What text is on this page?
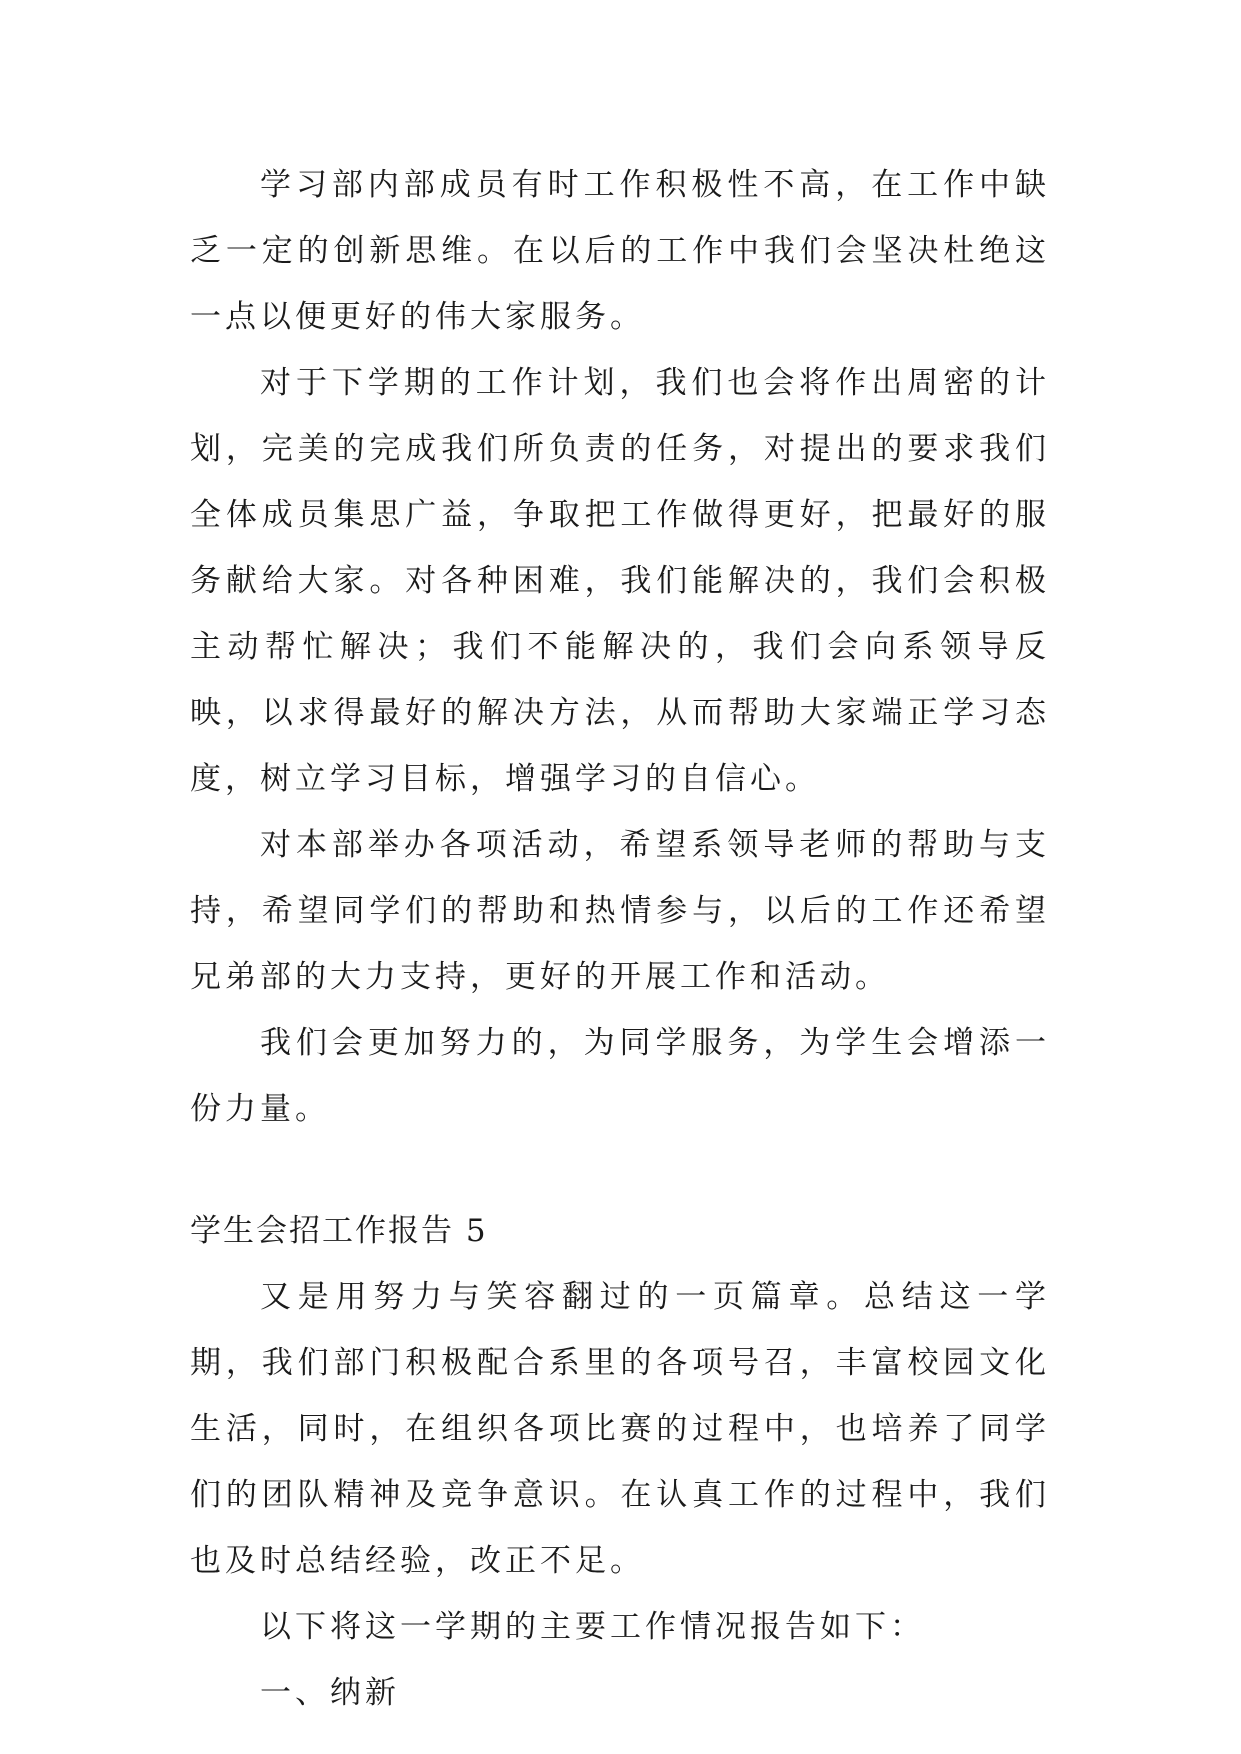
学习部内部成员有时工作积极性不高，在工作中缺乏一定的创新思维。在以后的工作中我们会坚决杜绝这一点以便更好的伟大家服务。

对于下学期的工作计划，我们也会将作出周密的计划，完美的完成我们所负责的任务，对提出的要求我们全体成员集思广益，争取把工作做得更好，把最好的服务献给大家。对各种困难，我们能解决的，我们会积极主动帮忙解决；我们不能解决的，我们会向系领导反映，以求得最好的解决方法，从而帮助大家端正学习态度，树立学习目标，增强学习的自信心。

对本部举办各项活动，希望系领导老师的帮助与支持，希望同学们的帮助和热情参与，以后的工作还希望兄弟部的大力支持，更好的开展工作和活动。

我们会更加努力的，为同学服务，为学生会增添一份力量。

学生会招工作报告 5

又是用努力与笑容翻过的一页篇章。总结这一学期，我们部门积极配合系里的各项号召，丰富校园文化生活，同时，在组织各项比赛的过程中，也培养了同学们的团队精神及竞争意识。在认真工作的过程中，我们也及时总结经验，改正不足。

以下将这一学期的主要工作情况报告如下：

一、纳新
